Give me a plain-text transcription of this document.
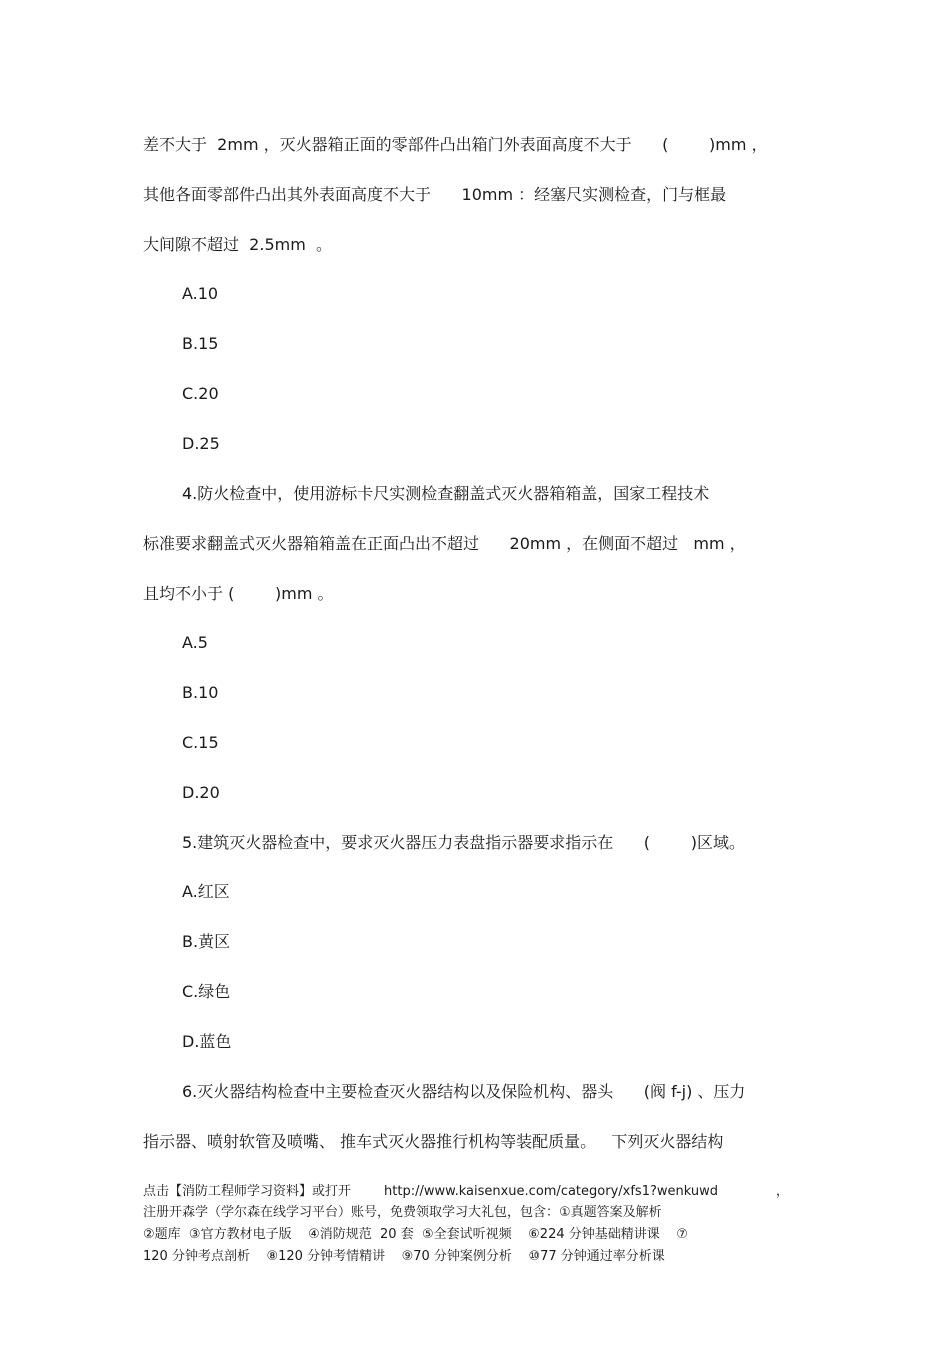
差不大于  2mm ，灭火器箱正面的零部件凸出箱门外表面高度不大于      (        )mm ，
其他各面零部件凸出其外表面高度不大于      10mm ：经塞尺实测检查，门与框最
大间隙不超过  2.5mm  。
A.10
B.15
C.20
D.25
4.防火检查中，使用游标卡尺实测检查翻盖式灭火器箱箱盖，国家工程技术
标准要求翻盖式灭火器箱箱盖在正面凸出不超过      20mm ，在侧面不超过   mm ，
且均不小于 (        )mm 。
A.5
B.10
C.15
D.20
5.建筑灭火器检查中，要求灭火器压力表盘指示器要求指示在      (        )区域。
A.红区
B.黄区
C.绿色
D.蓝色
6.灭火器结构检查中主要检查灭火器结构以及保险机构、器头      (阀 f-j) 、压力
指示器、喷射软管及喷嘴、 推车式灭火器推行机构等装配质量。   下列灭火器结构
点击【消防工程师学习资料】或打开        http://www.kaisenxue.com/category/xfs1?wenkuwd              ，
注册开森学（学尔森在线学习平台）账号，免费领取学习大礼包，包含：①真题答案及解析
②题库  ③官方教材电子版    ④消防规范  20 套  ⑤全套试听视频    ⑥224 分钟基础精讲课    ⑦
120 分钟考点剖析    ⑧120 分钟考情精讲    ⑨70 分钟案例分析    ⑩77 分钟通过率分析课
